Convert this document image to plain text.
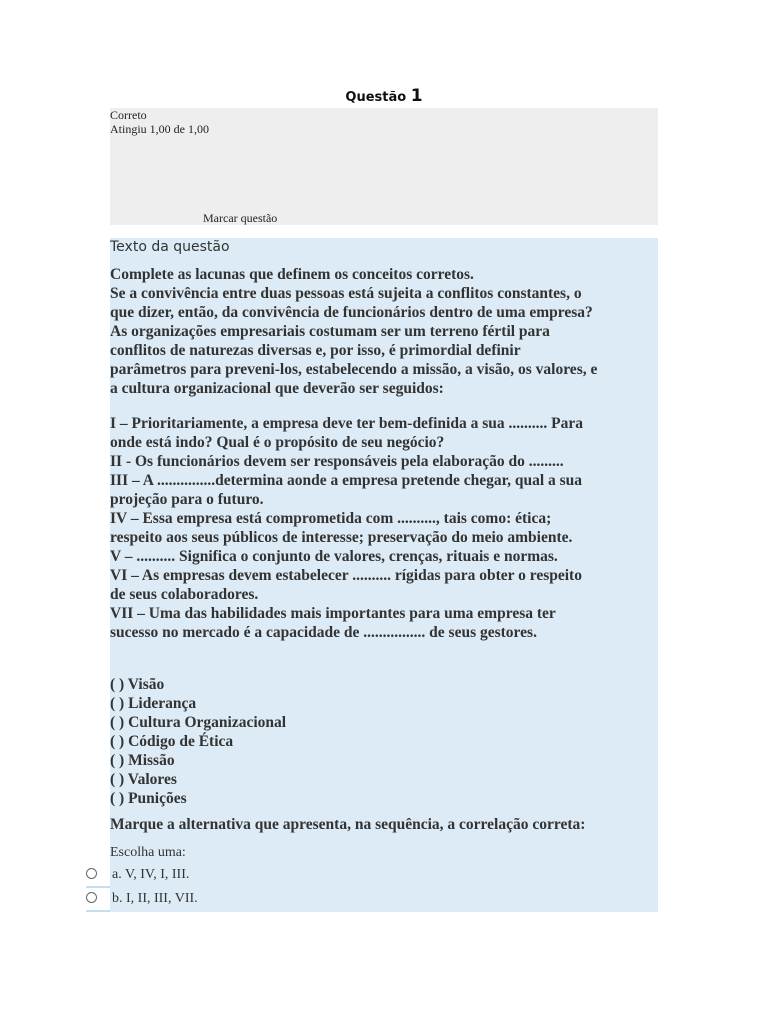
Questão 1
Correto
Atingiu 1,00 de 1,00
Marcar questão
Texto da questão
Complete as lacunas que definem os conceitos corretos.
Se a convivência entre duas pessoas está sujeita a conflitos constantes, o
que dizer, então, da convivência de funcionários dentro de uma empresa?
As organizações empresariais costumam ser um terreno fértil para
conflitos de naturezas diversas e, por isso, é primordial definir
parâmetros para preveni-los, estabelecendo a missão, a visão, os valores, e
a cultura organizacional que deverão ser seguidos:
I – Prioritariamente, a empresa deve ter bem-definida a sua .......... Para
onde está indo? Qual é o propósito de seu negócio?
II - Os funcionários devem ser responsáveis pela elaboração do .........
III – A ...............determina aonde a empresa pretende chegar, qual a sua
projeção para o futuro.
IV – Essa empresa está comprometida com .........., tais como: ética;
respeito aos seus públicos de interesse; preservação do meio ambiente.
V – .......... Significa o conjunto de valores, crenças, rituais e normas.
VI – As empresas devem estabelecer .......... rígidas para obter o respeito
de seus colaboradores.
VII – Uma das habilidades mais importantes para uma empresa ter
sucesso no mercado é a capacidade de ................ de seus gestores.
( ) Visão
( ) Liderança
( ) Cultura Organizacional
( ) Código de Ética
( ) Missão
( ) Valores
( ) Punições
Marque a alternativa que apresenta, na sequência, a correlação correta:
Escolha uma:
a. V, IV, I, III.
b. I, II, III, VII.
